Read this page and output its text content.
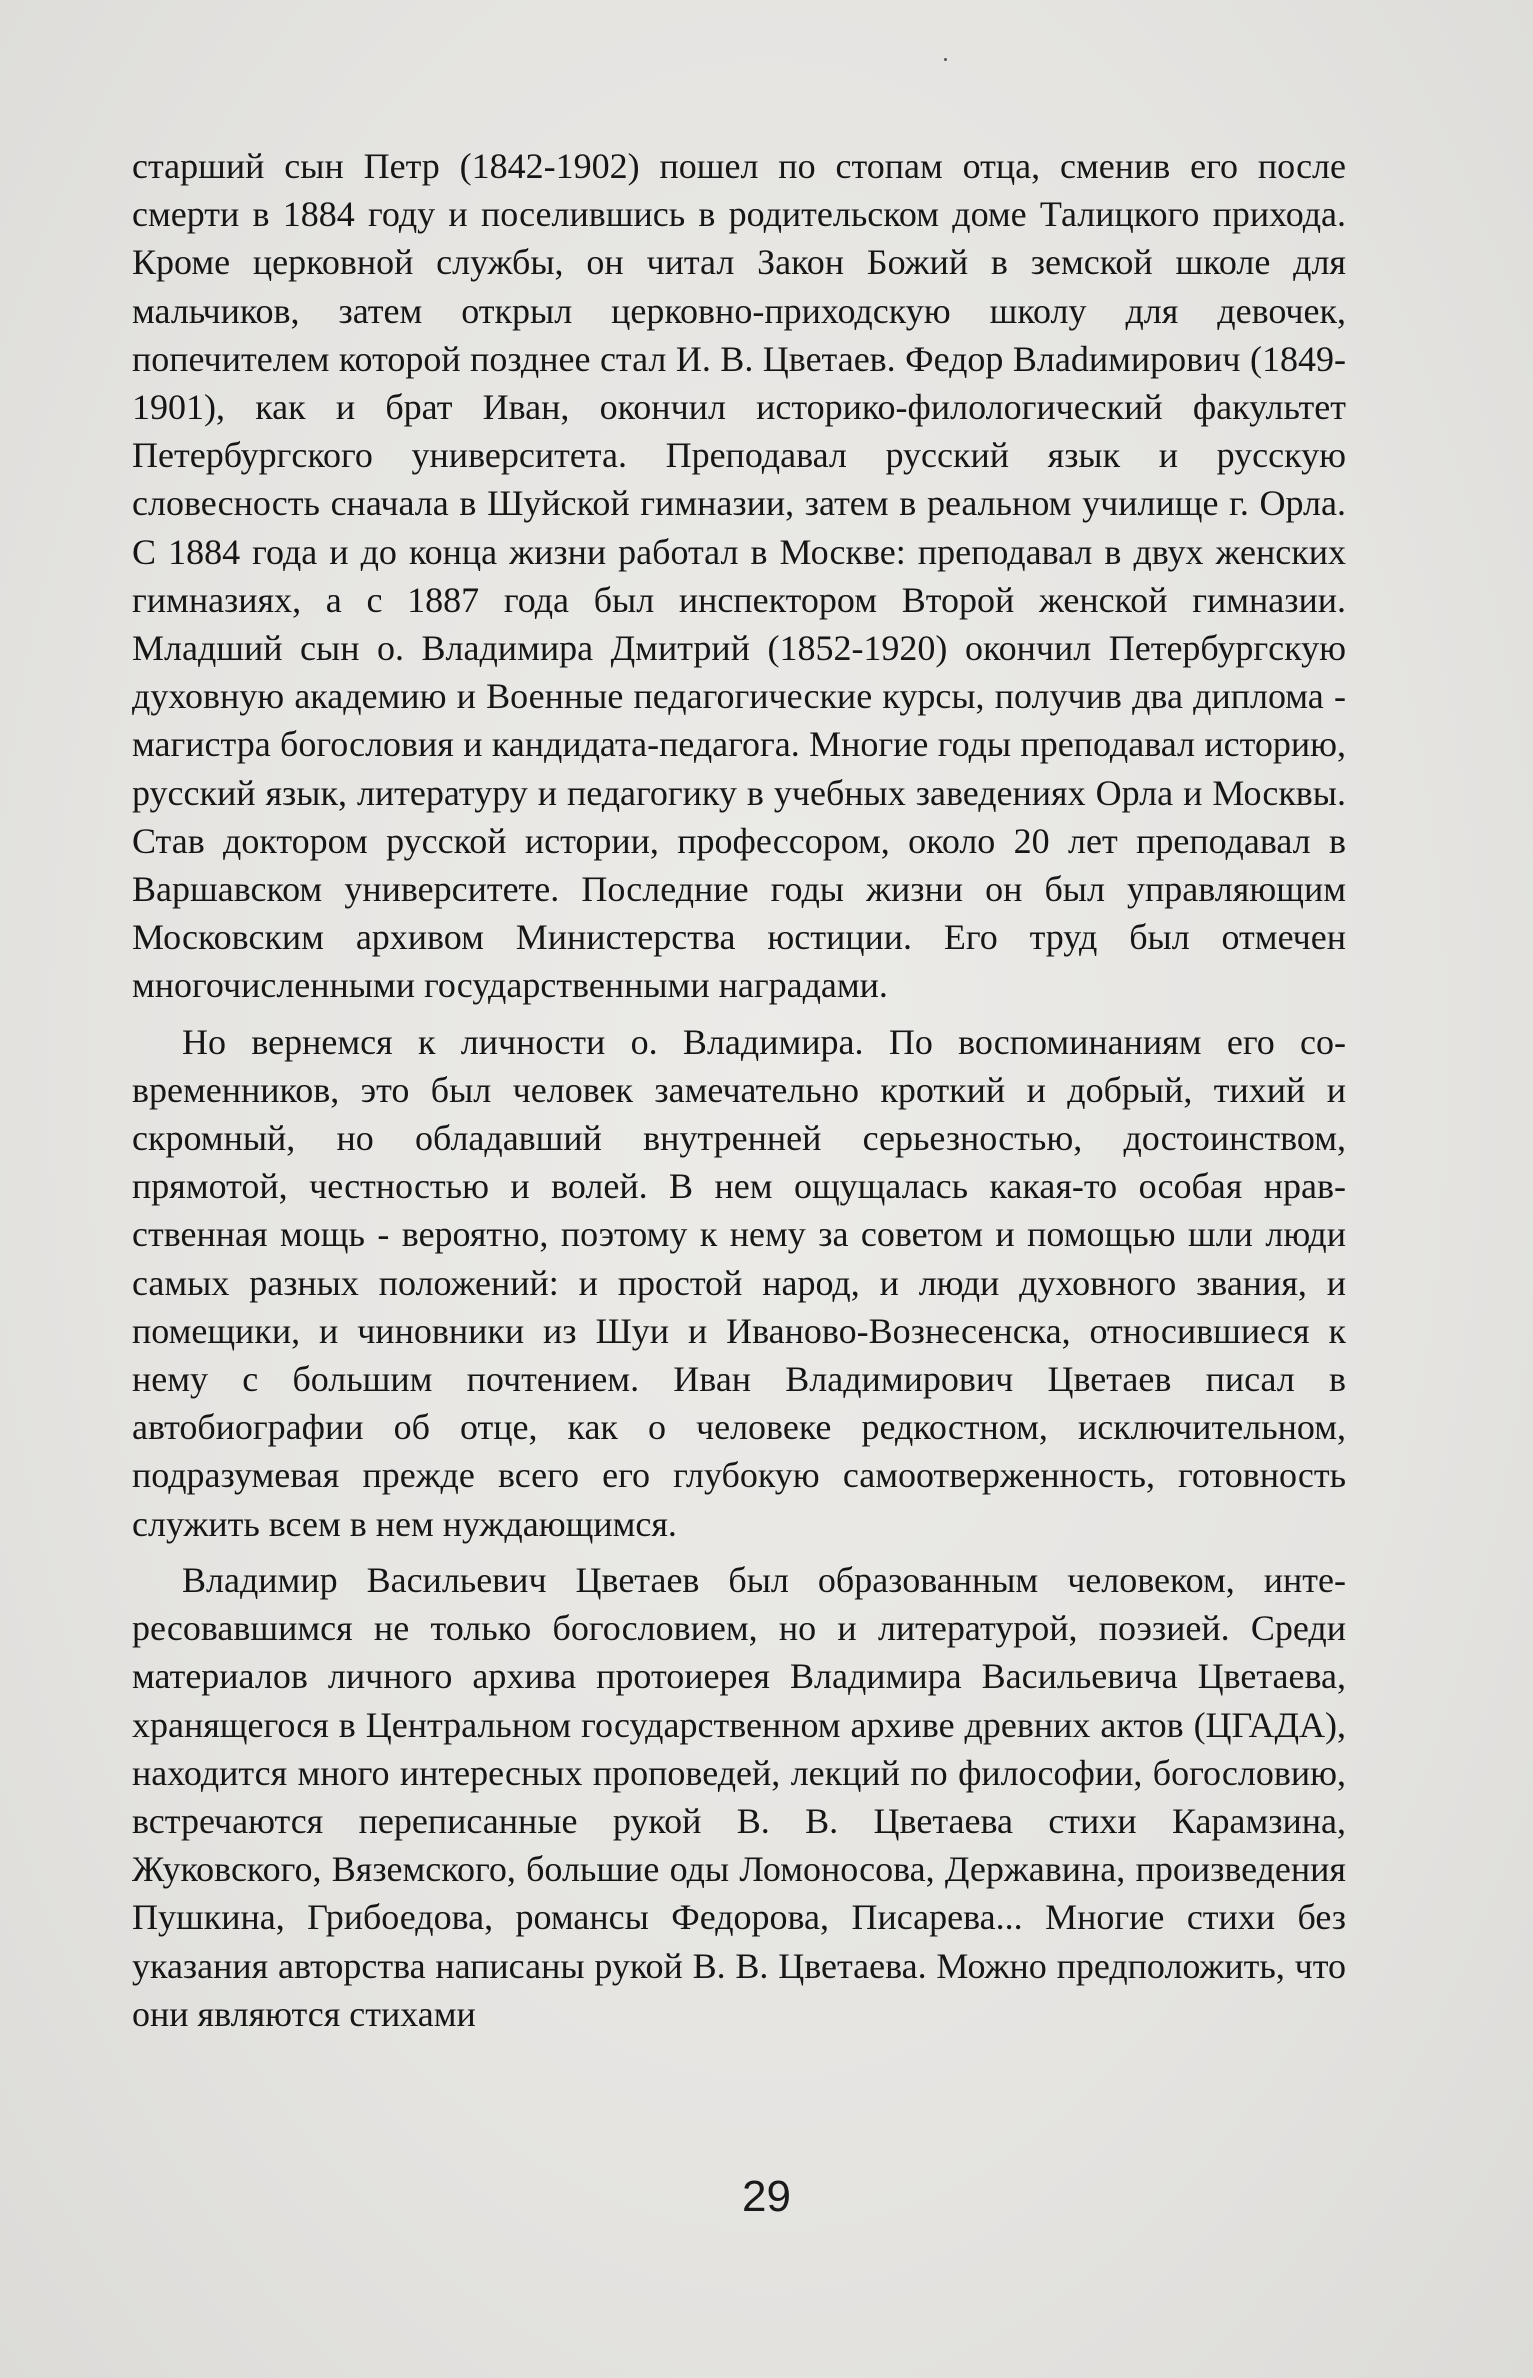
старший сын Петр (1842-1902) пошел по стопам отца, сменив его после смерти в 1884 году и поселившись в родительском доме Талицкого прихода. Кроме церковной службы, он читал Закон Божий в земской школе для мальчиков, затем открыл церковно-приходскую школу для девочек, попечителем которой позднее стал И. В. Цветаев. Федор Влаdимирович (1849-1901), как и брат Иван, окончил историко-филологический факультет Петербургского университета. Преподавал русский язык и русскую словесность сначала в Шуйской гимназии, затем в реальном училище г. Орла. С 1884 года и до конца жизни работал в Москве: преподавал в двух женских гимназиях, а с 1887 года был инспектором Второй женской гимназии. Младший сын о. Владимира Дмитрий (1852-1920) окончил Петербургскую духовную академию и Военные педагогические курсы, получив два диплома - магистра богословия и кандидата-педагога. Многие годы преподавал историю, русский язык, литературу и педагогику в учебных заведениях Орла и Москвы. Став доктором русской истории, профессором, около 20 лет преподавал в Варшавском университете. Последние годы жизни он был управляющим Московским архивом Министерства юстиции. Его труд был отмечен многочисленными государственными наградами.

Но вернемся к личности о. Владимира. По воспоминаниям его современников, это был человек замечательно кроткий и добрый, тихий и скромный, но обладавший внутренней серьезностью, достоинством, прямотой, честностью и волей. В нем ощущалась какая-то особая нравственная мощь - вероятно, поэтому к нему за советом и помощью шли люди самых разных положений: и простой народ, и люди духовного звания, и помещики, и чиновники из Шуи и Иваново-Вознесенска, относившиеся к нему с большим почтением. Иван Владимирович Цветаев писал в автобиографии об отце, как о человеке редкостном, исключительном, подразумевая прежде всего его глубокую самоотверженность, готовность служить всем в нем нуждающимся.

Владимир Васильевич Цветаев был образованным человеком, интересовавшимся не только богословием, но и литературой, поэзией. Среди материалов личного архива протоиерея Владимира Васильевича Цветаева, хранящегося в Центральном государственном архиве древних актов (ЦГАДА), находится много интересных проповедей, лекций по философии, богословию, встречаются переписанные рукой В. В. Цветаева стихи Карамзина, Жуковского, Вяземского, большие оды Ломоносова, Державина, произведения Пушкина, Грибоедова, романсы Федорова, Писарева... Многие стихи без указания авторства написаны рукой В. В. Цветаева. Можно предположить, что они являются стихами

29
